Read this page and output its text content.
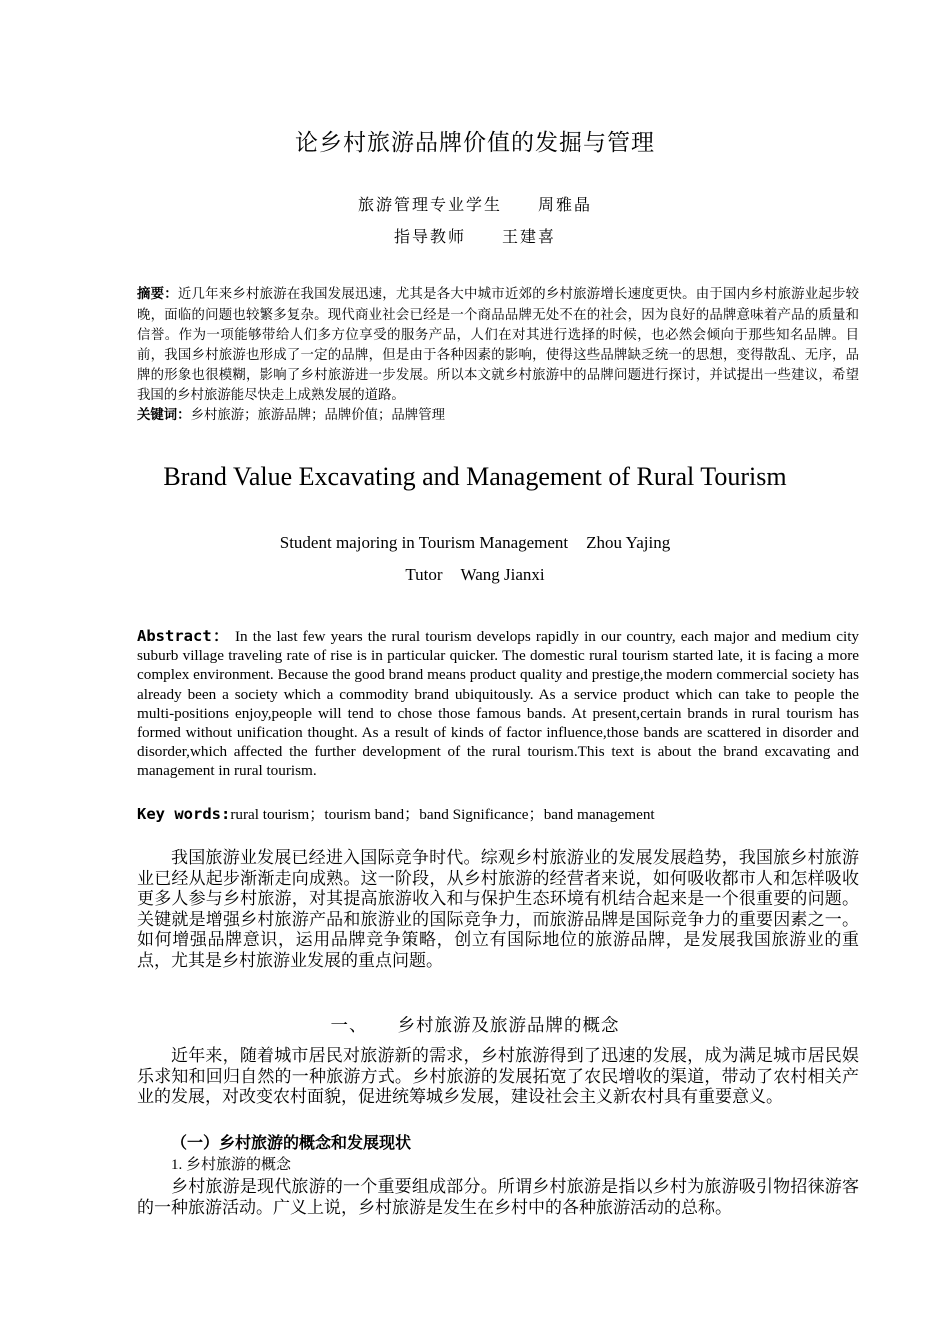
论乡村旅游品牌价值的发掘与管理
旅游管理专业学生 周雅晶
指导教师 王建喜
摘要：近几年来乡村旅游在我国发展迅速，尤其是各大中城市近郊的乡村旅游增长速度更快。由于国内乡村旅游业起步较晚，面临的问题也较繁多复杂。现代商业社会已经是一个商品品牌无处不在的社会，因为良好的品牌意味着产品的质量和信誉。作为一项能够带给人们多方位享受的服务产品，人们在对其进行选择的时候，也必然会倾向于那些知名品牌。目前，我国乡村旅游也形成了一定的品牌，但是由于各种因素的影响，使得这些品牌缺乏统一的思想，变得散乱、无序，品牌的形象也很模糊，影响了乡村旅游进一步发展。所以本文就乡村旅游中的品牌问题进行探讨，并试提出一些建议，希望我国的乡村旅游能尽快走上成熟发展的道路。
关键词：乡村旅游；旅游品牌；品牌价值；品牌管理
Brand Value Excavating and Management of Rural Tourism
Student majoring in Tourism Management Zhou Yajing
Tutor Wang Jianxi
Abstract： In the last few years the rural tourism develops rapidly in our country, each major and medium city suburb village traveling rate of rise is in particular quicker. The domestic rural tourism started late, it is facing a more complex environment. Because the good brand means product quality and prestige,the modern commercial society has already been a society which a commodity brand ubiquitously. As a service product which can take to people the multi-positions enjoy,people will tend to chose those famous bands. At present,certain brands in rural tourism has formed without unification thought. As a result of kinds of factor influence,those bands are scattered in disorder and disorder,which affected the further development of the rural tourism.This text is about the brand excavating and management in rural tourism.
Key words:rural tourism；tourism band；band Significance；band management
我国旅游业发展已经进入国际竞争时代。综观乡村旅游业的发展发展趋势，我国旅乡村旅游业已经从起步渐渐走向成熟。这一阶段，从乡村旅游的经营者来说，如何吸收都市人和怎样吸收更多人参与乡村旅游，对其提高旅游收入和与保护生态环境有机结合起来是一个很重要的问题。关键就是增强乡村旅游产品和旅游业的国际竞争力，而旅游品牌是国际竞争力的重要因素之一。如何增强品牌意识，运用品牌竞争策略，创立有国际地位的旅游品牌，是发展我国旅游业的重点，尤其是乡村旅游业发展的重点问题。
一、 乡村旅游及旅游品牌的概念
近年来，随着城市居民对旅游新的需求，乡村旅游得到了迅速的发展，成为满足城市居民娱乐求知和回归自然的一种旅游方式。乡村旅游的发展拓宽了农民增收的渠道，带动了农村相关产业的发展，对改变农村面貌，促进统筹城乡发展，建设社会主义新农村具有重要意义。
（一）乡村旅游的概念和发展现状
1. 乡村旅游的概念
乡村旅游是现代旅游的一个重要组成部分。所谓乡村旅游是指以乡村为旅游吸引物招徕游客的一种旅游活动。广义上说，乡村旅游是发生在乡村中的各种旅游活动的总称。
